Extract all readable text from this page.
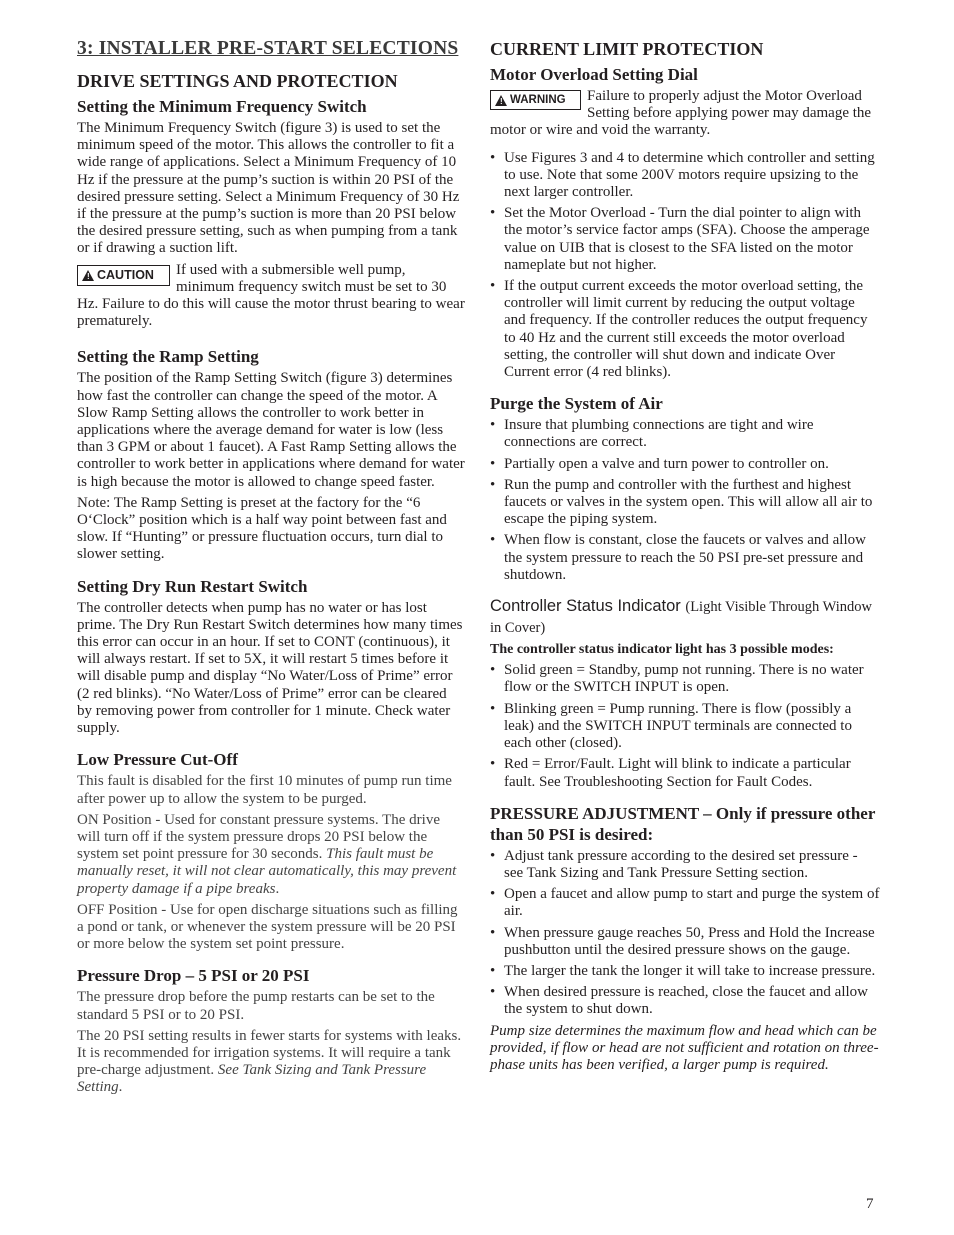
3: INSTALLER PRE-START SELECTIONS
DRIVE SETTINGS AND PROTECTION
Setting the Minimum Frequency Switch

The Minimum Frequency Switch (figure 3) is used to set the minimum speed of the motor. This allows the controller to fit a wide range of applications. Select a Minimum Frequency of 10 Hz if the pressure at the pump’s suction is within 20 PSI of the desired pressure setting. Select a Minimum Frequency of 30 Hz if the pressure at the pump’s suction is more than 20 PSI below the desired pressure setting, such as when pumping from a tank or if drawing a suction lift.

! CAUTION	If used with a submersible well pump, minimum frequency switch must be set to 30 Hz. Failure to do this will cause the motor thrust bearing to wear prematurely.

Setting the Ramp Setting

The position of the Ramp Setting Switch (figure 3) determines how fast the controller can change the speed of the motor. A Slow Ramp Setting allows the controller to work better in applications where the average demand for water is low (less than 3 GPM or about 1 faucet). A Fast Ramp Setting allows the controller to work better in applications where demand for water is high because the motor is allowed to change speed faster.

Note: The Ramp Setting is preset at the factory for the “6 O‘Clock” position which is a half way point between fast and slow. If “Hunting” or pressure fluctuation occurs, turn dial to slower setting.

Setting Dry Run Restart Switch

The controller detects when pump has no water or has lost prime. The Dry Run Restart Switch determines how many times this error can occur in an hour. If set to CONT (continuous), it will always restart. If set to 5X, it will restart 5 times before it will disable pump and display “No Water/Loss of Prime” error (2 red blinks). “No Water/Loss of Prime” error can be cleared by removing power from controller for 1 minute. Check water supply.

Low Pressure Cut-Off

This fault is disabled for the first 10 minutes of pump run time after power up to allow the system to be purged.

ON Position - Used for constant pressure systems. The drive will turn off if the system pressure drops 20 PSI below the system set point pressure for 30 seconds. This fault must be manually reset, it will not clear automatically, this may prevent property damage if a pipe breaks.

OFF Position - Use for open discharge situations such as filling a pond or tank, or whenever the system pressure will be 20 PSI or more below the system set point pressure.

Pressure Drop – 5 PSI or 20 PSI

The pressure drop before the pump restarts can be set to the standard 5 PSI or to 20 PSI.

The 20 PSI setting results in fewer starts for systems with leaks. It is recommended for irrigation systems. It will require a tank pre-charge adjustment. See Tank Sizing and Tank Pressure Setting.

CURRENT LIMIT PROTECTION
Motor Overload Setting Dial
! WARNING	Failure to properly adjust the Motor Overload Setting before applying power may damage the motor or wire and void the warranty.

• Use Figures 3 and 4 to determine which controller and setting to use. Note that some 200V motors require upsizing to the next larger controller.
• Set the Motor Overload - Turn the dial pointer to align with the motor’s service factor amps (SFA). Choose the amperage value on UIB that is closest to the SFA listed on the motor nameplate but not higher.
• If the output current exceeds the motor overload setting, the controller will limit current by reducing the output voltage and frequency. If the controller reduces the output frequency to 40 Hz and the current still exceeds the motor overload setting, the controller will shut down and indicate Over Current error (4 red blinks).
Purge the System of Air
• Insure that plumbing connections are tight and wire connections are correct.
• Partially open a valve and turn power to controller on.
• Run the pump and controller with the furthest and highest faucets or valves in the system open. This will allow all air to escape the piping system.
• When flow is constant, close the faucets or valves and allow the system pressure to reach the 50 PSI pre-set pressure and shutdown.
Controller Status Indicator (Light Visible Through Window in Cover)

The controller status indicator light has 3 possible modes:

• Solid green = Standby, pump not running. There is no water flow or the SWITCH INPUT is open.
• Blinking green = Pump running. There is flow (possibly a leak) and the SWITCH INPUT terminals are connected to each other (closed).
• Red = Error/Fault. Light will blink to indicate a particular fault. See Troubleshooting Section for Fault Codes.
PRESSURE ADJUSTMENT – Only if pressure other than 50 PSI is desired:
• Adjust tank pressure according to the desired set pressure - see Tank Sizing and Tank Pressure Setting section.
• Open a faucet and allow pump to start and purge the system of air.
• When pressure gauge reaches 50, Press and Hold the Increase pushbutton until the desired pressure shows on the gauge.
• The larger the tank the longer it will take to increase pressure.
• When desired pressure is reached, close the faucet and allow the system to shut down.

Pump size determines the maximum flow and head which can be provided, if flow or head are not sufficient and rotation on three-phase units has been verified, a larger pump is required.

7
